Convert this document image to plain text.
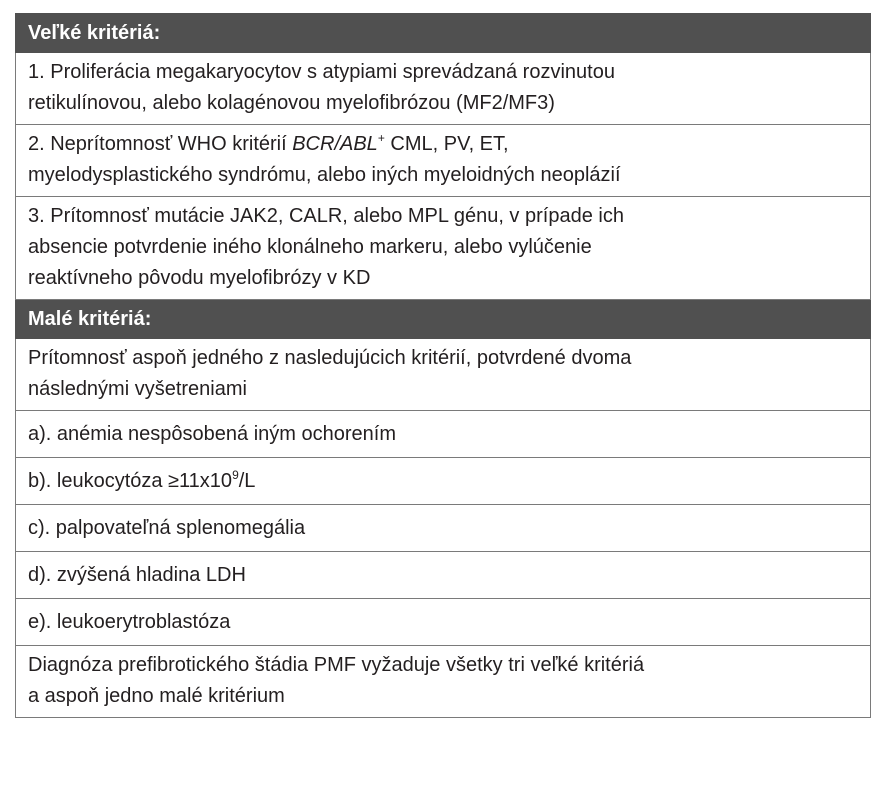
Veľké kritériá:

1. Proliferácia megakaryocytov s atypiami sprevádzaná rozvinutou
retikulínovou, alebo kolagénovou myelofibrózou (MF2/MF3)

2. Neprítomnosť WHO kritérií BCR/ABL+ CML, PV, ET,
myelodysplastického syndrómu, alebo iných myeloidných neoplázií

3. Prítomnosť mutácie JAK2, CALR, alebo MPL génu, v prípade ich
absencie potvrdenie iného klonálneho markeru, alebo vylúčenie
reaktívneho pôvodu myelofibrózy v KD

Malé kritériá:

Prítomnosť aspoň jedného z nasledujúcich kritérií, potvrdené dvoma
následnými vyšetreniami

a). anémia nespôsobená iným ochorením
b). leukocytóza $\ge 11x10^9/L$
c). palpovateľná splenomegália
d). zvýšená hladina LDH
e). leukoerytroblastóza

Diagnóza prefibrotického štádia PMF vyžaduje všetky tri veľké kritériá
a aspoň jedno malé kritérium
